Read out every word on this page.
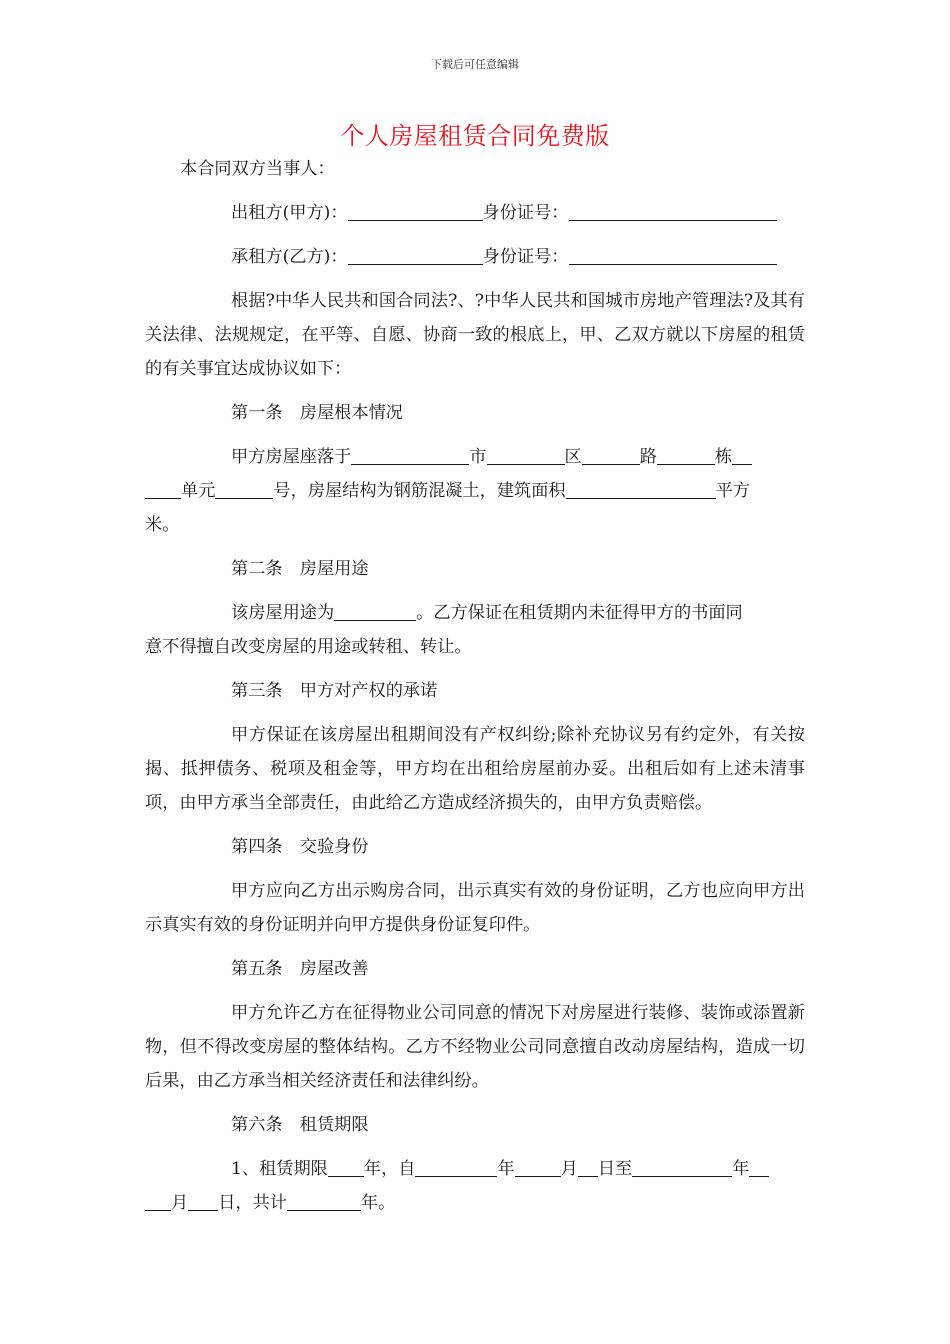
下载后可任意编辑
个人房屋租赁合同免费版
本合同双方当事人：
出租方(甲方)：	身份证号：
承租方(乙方)：	身份证号：
根据?中华人民共和国合同法?、?中华人民共和国城市房地产管理法?及其有关法律、法规规定，在平等、自愿、协商一致的根底上，甲、乙双方就以下房屋的租赁的有关事宜达成协议如下：
第一条　房屋根本情况
甲方房屋座落于	市	区	路	栋
单元	号，房屋结构为钢筋混凝土，建筑面积	平方
米。
第二条　房屋用途
该房屋用途为	。乙方保证在租赁期内未征得甲方的书面同
意不得擅自改变房屋的用途或转租、转让。
第三条　甲方对产权的承诺
甲方保证在该房屋出租期间没有产权纠纷;除补充协议另有约定外，有关按揭、抵押债务、税项及租金等，甲方均在出租给房屋前办妥。出租后如有上述未清事项，由甲方承当全部责任，由此给乙方造成经济损失的，由甲方负责赔偿。
第四条　交验身份
甲方应向乙方出示购房合同，出示真实有效的身份证明，乙方也应向甲方出示真实有效的身份证明并向甲方提供身份证复印件。
第五条　房屋改善
甲方允许乙方在征得物业公司同意的情况下对房屋进行装修、装饰或添置新物，但不得改变房屋的整体结构。乙方不经物业公司同意擅自改动房屋结构，造成一切后果，由乙方承当相关经济责任和法律纠纷。
第六条　租赁期限
1、租赁期限 年，自	年	月 日至	年
月 日，共计	年。
